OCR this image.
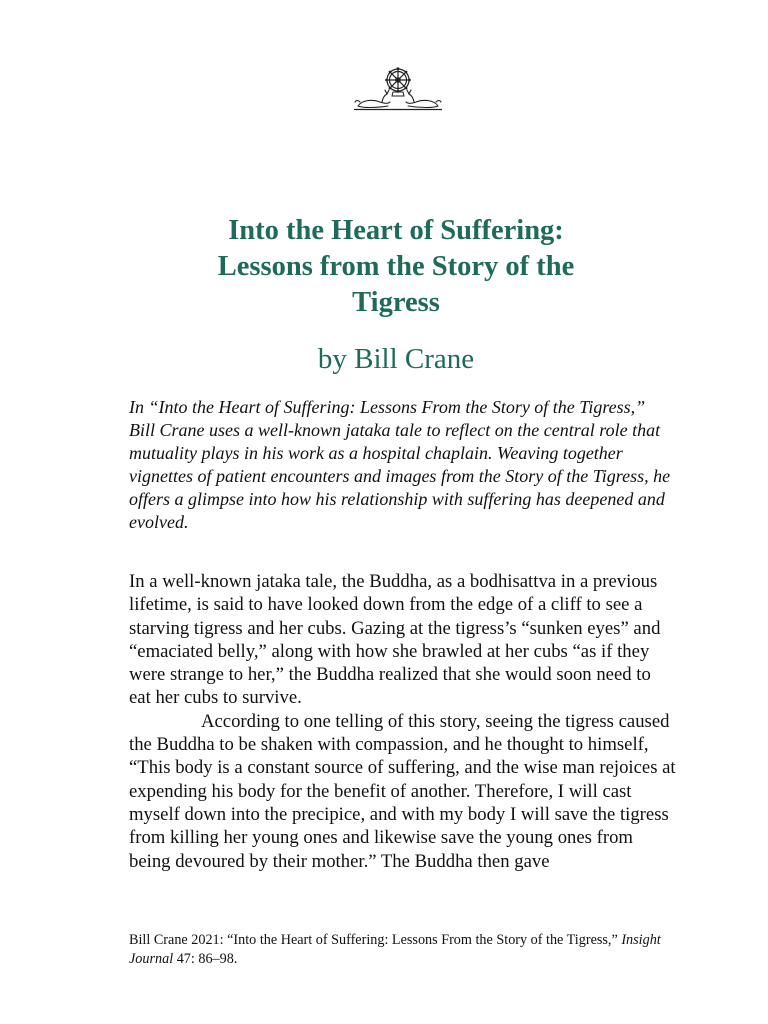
Into the Heart of Suffering:
Lessons from the Story of the
Tigress

by Bill Crane

In “Into the Heart of Suffering: Lessons From the Story of the Tigress,” Bill Crane uses a well-known jataka tale to reflect on the central role that mutuality plays in his work as a hospital chaplain. Weaving together vignettes of patient encounters and images from the Story of the Tigress, he offers a glimpse into how his relationship with suffering has deepened and evolved.

In a well-known jataka tale, the Buddha, as a bodhisattva in a previous lifetime, is said to have looked down from the edge of a cliff to see a starving tigress and her cubs. Gazing at the tigress’s “sunken eyes” and “emaciated belly,” along with how she brawled at her cubs “as if they were strange to her,” the Buddha realized that she would soon need to eat her cubs to survive.

According to one telling of this story, seeing the tigress caused the Buddha to be shaken with compassion, and he thought to himself, “This body is a constant source of suffering, and the wise man rejoices at expending his body for the benefit of another. Therefore, I will cast myself down into the precipice, and with my body I will save the tigress from killing her young ones and likewise save the young ones from being devoured by their mother.” The Buddha then gave

Bill Crane 2021: “Into the Heart of Suffering: Lessons From the Story of the Tigress,” Insight Journal 47: 86–98.
